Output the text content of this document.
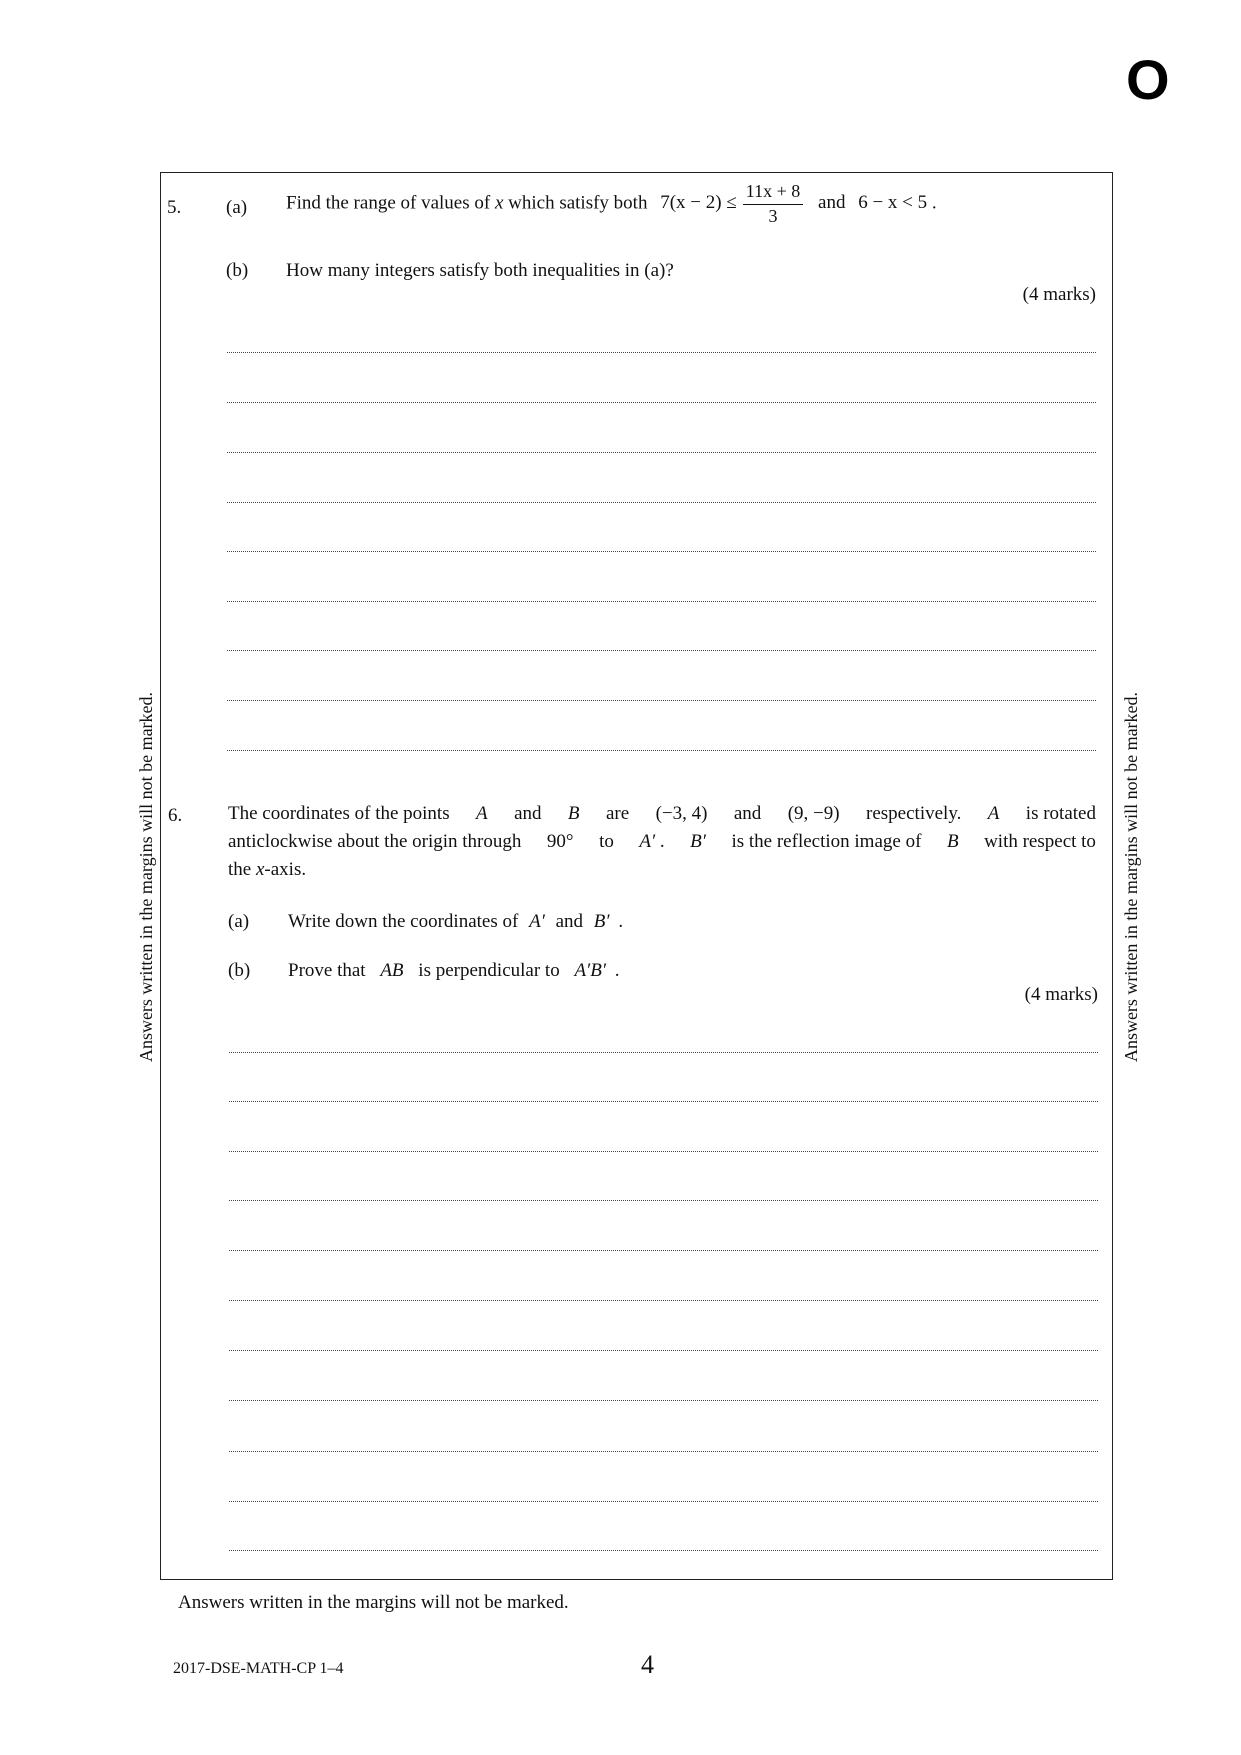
O
Answers written in the margins will not be marked.	Answers written in the margins will not be marked.
5. (a) Find the range of values of x which satisfy both $7(x - 2) \le \frac{11x + 8}{3}$ and 6 − x < 5 .
(b) How many integers satisfy both inequalities in (a)?
(4 marks)
6. The coordinates of the points A and B are (−3, 4) and (9, −9) respectively. A is rotated
anticlockwise about the origin through 90° to A′ . B′ is the reflection image of B with respect to
the x-axis.
(a) Write down the coordinates of A′ and B′ .
(b) Prove that AB is perpendicular to A′B′ .
(4 marks)
Answers written in the margins will not be marked.
2017-DSE-MATH-CP 1–4	4
